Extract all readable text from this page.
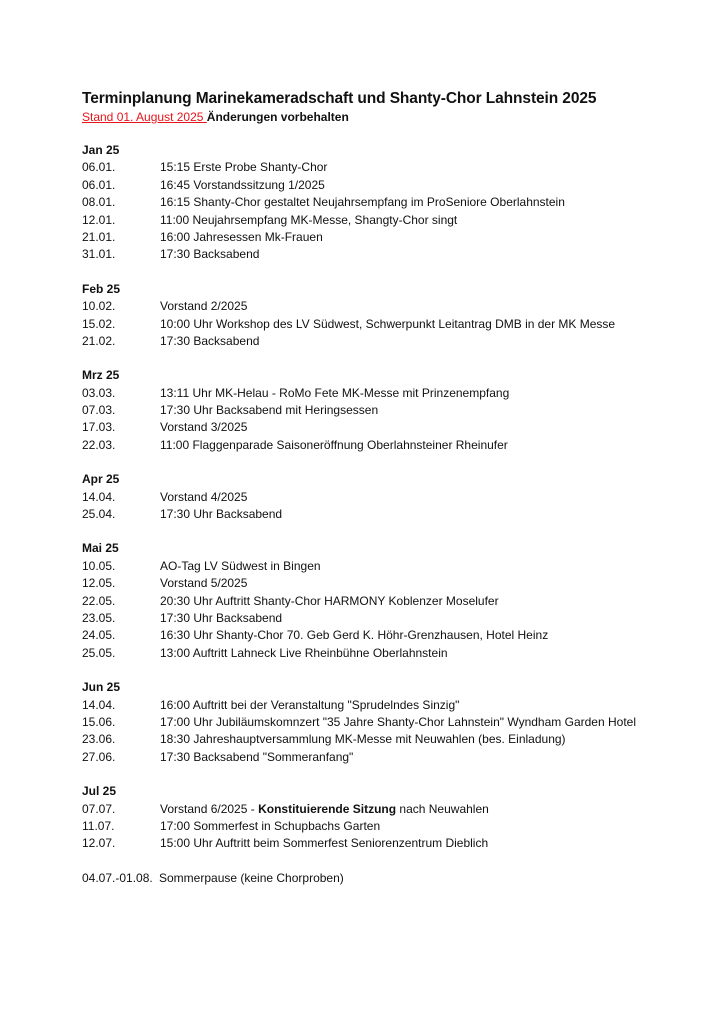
Terminplanung Marinekameradschaft und Shanty-Chor Lahnstein 2025

Stand 01. August 2025 Änderungen vorbehalten

Jan 25
06.01.	15:15 Erste Probe Shanty-Chor
06.01.	16:45 Vorstandssitzung 1/2025
08.01.	16:15 Shanty-Chor gestaltet Neujahrsempfang im ProSeniore Oberlahnstein
12.01.	11:00 Neujahrsempfang MK-Messe, Shangty-Chor singt
21.01.	16:00 Jahresessen Mk-Frauen
31.01.	17:30 Backsabend
Feb 25
10.02.	Vorstand 2/2025
15.02.	10:00 Uhr Workshop des LV Südwest, Schwerpunkt Leitantrag DMB in der MK Messe
21.02.	17:30 Backsabend
Mrz 25
03.03.	13:11 Uhr MK-Helau - RoMo Fete MK-Messe mit Prinzenempfang
07.03.	17:30 Uhr Backsabend mit Heringsessen
17.03.	Vorstand 3/2025
22.03.	11:00 Flaggenparade Saisoneröffnung Oberlahnsteiner Rheinufer
Apr 25
14.04.	Vorstand 4/2025
25.04.	17:30 Uhr Backsabend
Mai 25
10.05.	AO-Tag LV Südwest in Bingen
12.05.	Vorstand 5/2025
22.05.	20:30 Uhr Auftritt Shanty-Chor HARMONY Koblenzer Moselufer
23.05.	17:30 Uhr Backsabend
24.05.	16:30 Uhr Shanty-Chor 70. Geb Gerd K. Höhr-Grenzhausen, Hotel Heinz
25.05.	13:00 Auftritt Lahneck Live Rheinbühne Oberlahnstein
Jun 25
14.04.	16:00 Auftritt bei der Veranstaltung "Sprudelndes Sinzig"
15.06.	17:00 Uhr Jubiläumskomnzert "35 Jahre Shanty-Chor Lahnstein" Wyndham Garden Hotel
23.06.	18:30 Jahreshauptversammlung MK-Messe mit Neuwahlen (bes. Einladung)
27.06.	17:30 Backsabend "Sommeranfang"
Jul 25
07.07.	Vorstand 6/2025 - Konstituierende Sitzung nach Neuwahlen
11.07.	17:00 Sommerfest in Schupbachs Garten
12.07.	15:00 Uhr Auftritt beim Sommerfest Seniorenzentrum Dieblich
04.07.-01.08. Sommerpause (keine Chorproben)
